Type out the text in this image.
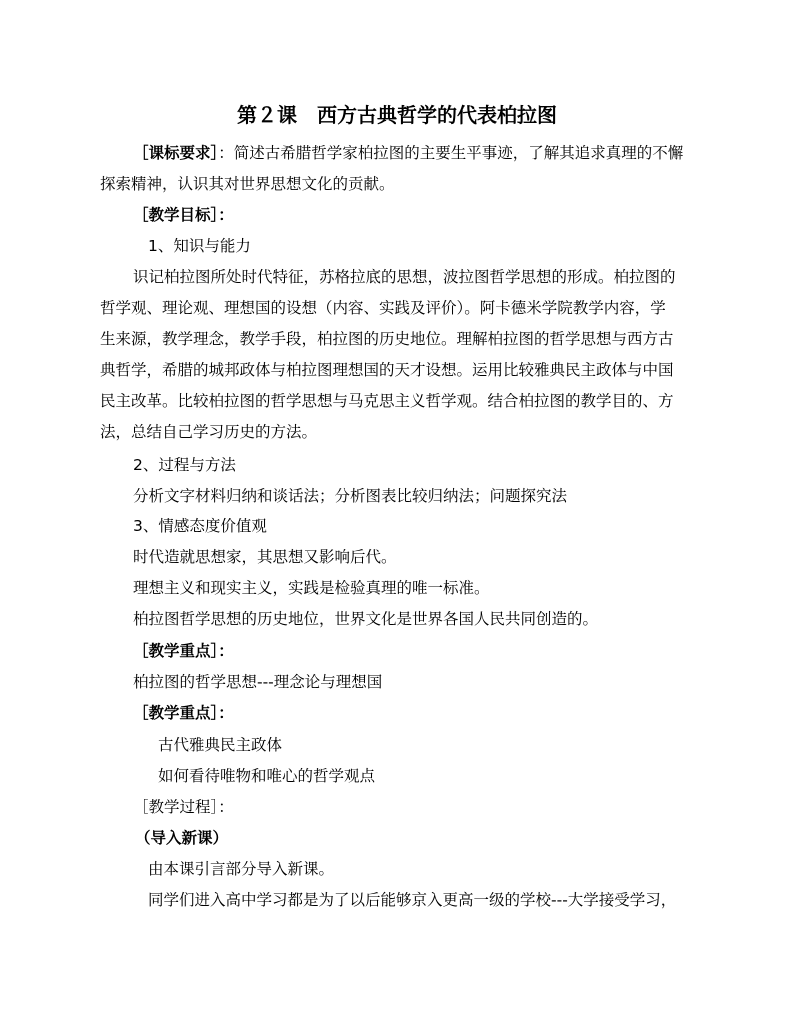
第２课　西方古典哲学的代表柏拉图
［课标要求］：简述古希腊哲学家柏拉图的主要生平事迹，了解其追求真理的不懈
探索精神，认识其对世界思想文化的贡献。
［教学目标］：
1、知识与能力
识记柏拉图所处时代特征，苏格拉底的思想，波拉图哲学思想的形成。柏拉图的
哲学观、理论观、理想国的设想（内容、实践及评价）。阿卡德米学院教学内容，学
生来源，教学理念，教学手段，柏拉图的历史地位。理解柏拉图的哲学思想与西方古
典哲学，希腊的城邦政体与柏拉图理想国的天才设想。运用比较雅典民主政体与中国
民主改革。比较柏拉图的哲学思想与马克思主义哲学观。结合柏拉图的教学目的、方
法，总结自己学习历史的方法。
2、过程与方法
分析文字材料归纳和谈话法；分析图表比较归纳法；问题探究法
3、情感态度价值观
时代造就思想家，其思想又影响后代。
理想主义和现实主义，实践是检验真理的唯一标准。
柏拉图哲学思想的历史地位，世界文化是世界各国人民共同创造的。
［教学重点］：
柏拉图的哲学思想---理念论与理想国
［教学重点］：
古代雅典民主政体
如何看待唯物和唯心的哲学观点
［教学过程］：
（导入新课）
由本课引言部分导入新课。
同学们进入高中学习都是为了以后能够京入更高一级的学校---大学接受学习，
